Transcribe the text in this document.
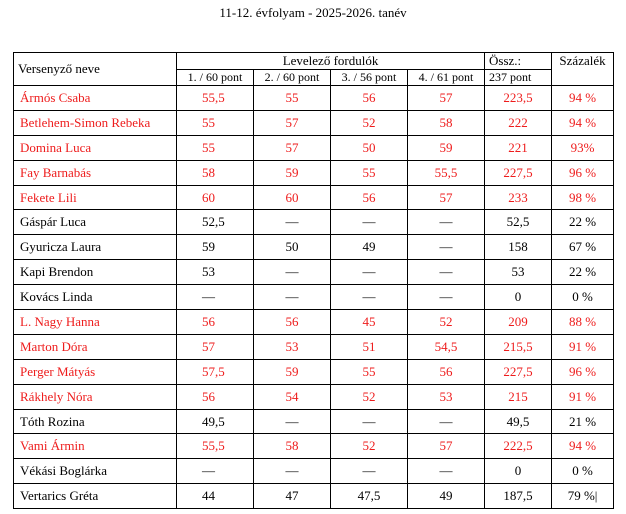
11-12. évfolyam - 2025-2026. tanév
Versenyző neve	Levelező fordulók				Össz.:	Százalék
	1. / 60 pont	2. / 60 pont	3. / 56 pont	4. / 61 pont	237 pont	
Ármós Csaba	55,5	55	56	57	223,5	94 %
Betlehem-Simon Rebeka	55	57	52	58	222	94 %
Domina Luca	55	57	50	59	221	93%
Fay Barnabás	58	59	55	55,5	227,5	96 %
Fekete Lili	60	60	56	57	233	98 %
Gáspár Luca	52,5	—	—	—	52,5	22 %
Gyuricza Laura	59	50	49	—	158	67 %
Kapi Brendon	53	—	—	—	53	22 %
Kovács Linda	—	—	—	—	0	0 %
L. Nagy Hanna	56	56	45	52	209	88 %
Marton Dóra	57	53	51	54,5	215,5	91 %
Perger Mátyás	57,5	59	55	56	227,5	96 %
Rákhely Nóra	56	54	52	53	215	91 %
Tóth Rozina	49,5	—	—	—	49,5	21 %
Vami Ármin	55,5	58	52	57	222,5	94 %
Vékási Boglárka	—	—	—	—	0	0 %
Vertarics Gréta	44	47	47,5	49	187,5	79 %|
